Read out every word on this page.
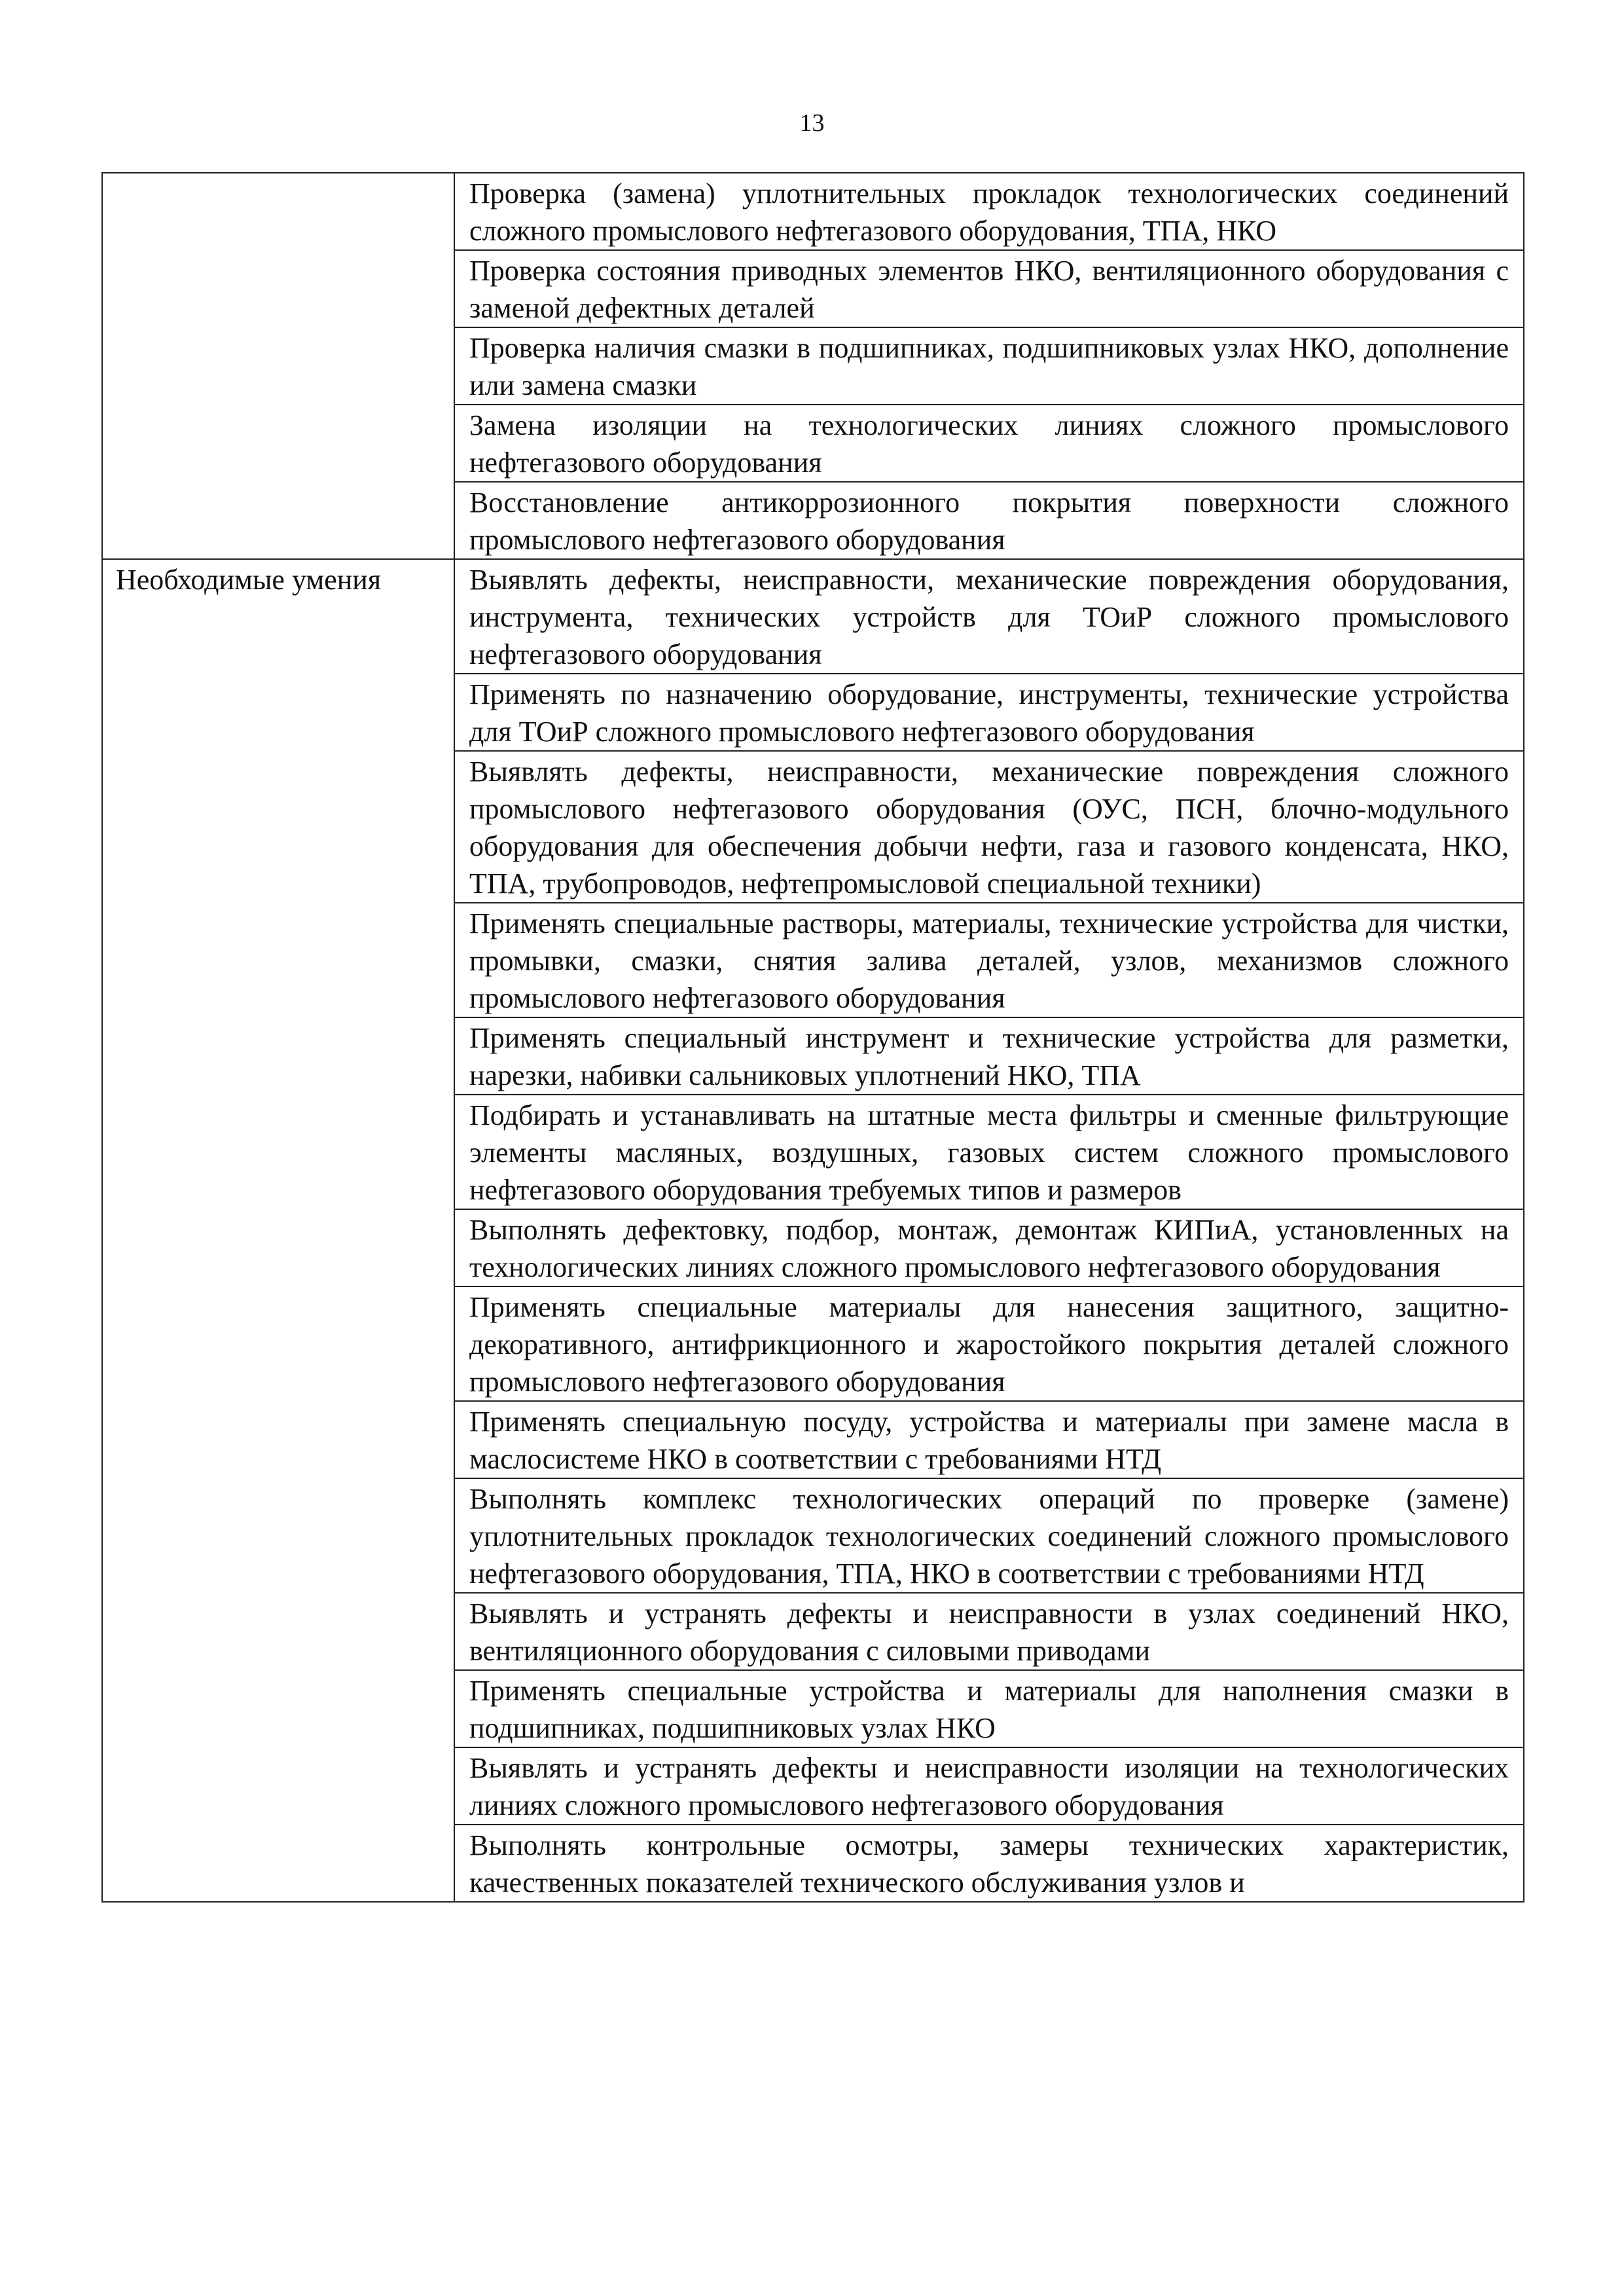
13
	Проверка (замена) уплотнительных прокладок технологических соединений сложного промыслового нефтегазового оборудования, ТПА, НКО
	Проверка состояния приводных элементов НКО, вентиляционного оборудования с заменой дефектных деталей
	Проверка наличия смазки в подшипниках, подшипниковых узлах НКО, дополнение или замена смазки
	Замена изоляции на технологических линиях сложного промыслового нефтегазового оборудования
	Восстановление антикоррозионного покрытия поверхности сложного промыслового нефтегазового оборудования
Необходимые умения	Выявлять дефекты, неисправности, механические повреждения оборудования, инструмента, технических устройств для ТОиР сложного промыслового нефтегазового оборудования
	Применять по назначению оборудование, инструменты, технические устройства для ТОиР сложного промыслового нефтегазового оборудования
	Выявлять дефекты, неисправности, механические повреждения сложного промыслового нефтегазового оборудования (ОУС, ПСН, блочно-модульного оборудования для обеспечения добычи нефти, газа и газового конденсата, НКО, ТПА, трубопроводов, нефтепромысловой специальной техники)
	Применять специальные растворы, материалы, технические устройства для чистки, промывки, смазки, снятия залива деталей, узлов, механизмов сложного промыслового нефтегазового оборудования
	Применять специальный инструмент и технические устройства для разметки, нарезки, набивки сальниковых уплотнений НКО, ТПА
	Подбирать и устанавливать на штатные места фильтры и сменные фильтрующие элементы масляных, воздушных, газовых систем сложного промыслового нефтегазового оборудования требуемых типов и размеров
	Выполнять дефектовку, подбор, монтаж, демонтаж КИПиА, установленных на технологических линиях сложного промыслового нефтегазового оборудования
	Применять специальные материалы для нанесения защитного, защитно-декоративного, антифрикционного и жаростойкого покрытия деталей сложного промыслового нефтегазового оборудования
	Применять специальную посуду, устройства и материалы при замене масла в маслосистеме НКО в соответствии с требованиями НТД
	Выполнять комплекс технологических операций по проверке (замене) уплотнительных прокладок технологических соединений сложного промыслового нефтегазового оборудования, ТПА, НКО в соответствии с требованиями НТД
	Выявлять и устранять дефекты и неисправности в узлах соединений НКО, вентиляционного оборудования с силовыми приводами
	Применять специальные устройства и материалы для наполнения смазки в подшипниках, подшипниковых узлах НКО
	Выявлять и устранять дефекты и неисправности изоляции на технологических линиях сложного промыслового нефтегазового оборудования
	Выполнять контрольные осмотры, замеры технических характеристик, качественных показателей технического обслуживания узлов и
